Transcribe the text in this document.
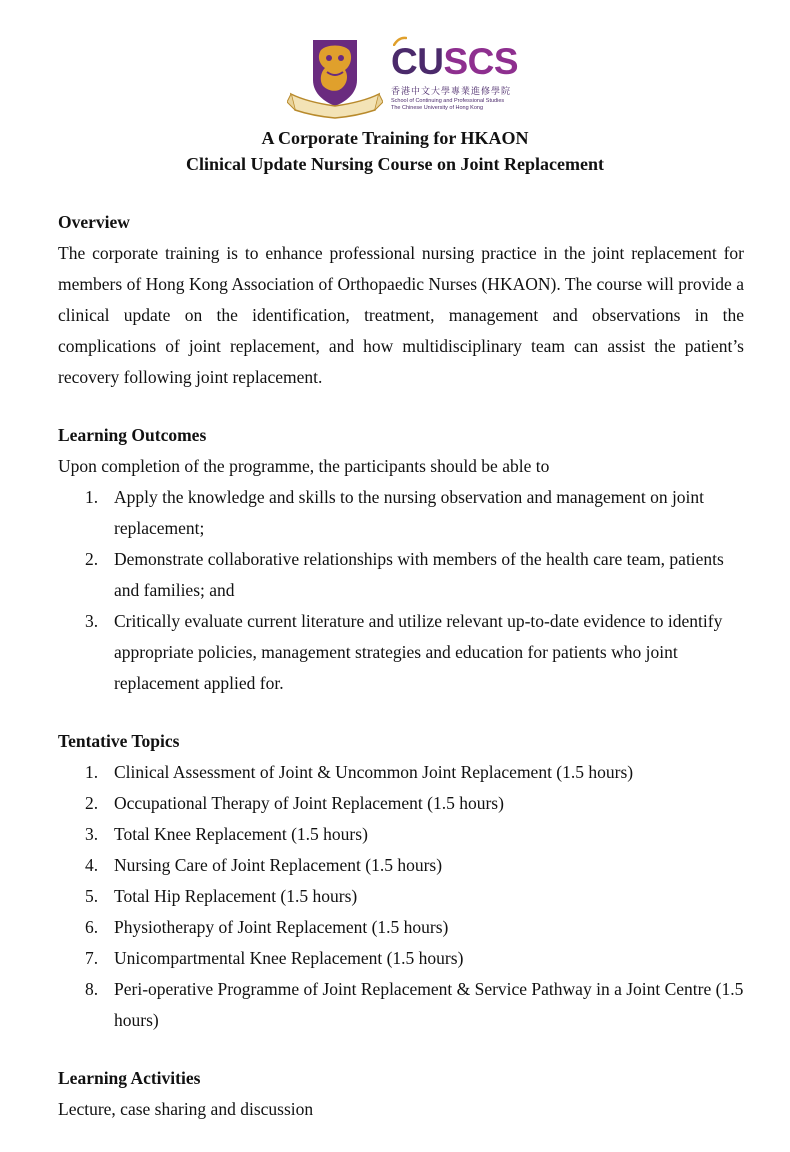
CUSCS
香港中文大學專業進修學院
School of Continuing and Professional Studies
The Chinese University of Hong Kong
A Corporate Training for HKAON
Clinical Update Nursing Course on Joint Replacement

Overview

The corporate training is to enhance professional nursing practice in the joint replacement for members of Hong Kong Association of Orthopaedic Nurses (HKAON). The course will provide a clinical update on the identification, treatment, management and observations in the complications of joint replacement, and how multidisciplinary team can assist the patient’s recovery following joint replacement.

Learning Outcomes

Upon completion of the programme, the participants should be able to

1. Apply the knowledge and skills to the nursing observation and management on joint replacement;
2. Demonstrate collaborative relationships with members of the health care team, patients and families; and
3. Critically evaluate current literature and utilize relevant up-to-date evidence to identify appropriate policies, management strategies and education for patients who joint replacement applied for.

Tentative Topics

1. Clinical Assessment of Joint & Uncommon Joint Replacement (1.5 hours)
2. Occupational Therapy of Joint Replacement (1.5 hours)
3. Total Knee Replacement (1.5 hours)
4. Nursing Care of Joint Replacement (1.5 hours)
5. Total Hip Replacement (1.5 hours)
6. Physiotherapy of Joint Replacement (1.5 hours)
7. Unicompartmental Knee Replacement (1.5 hours)
8. Peri-operative Programme of Joint Replacement & Service Pathway in a Joint Centre (1.5 hours)

Learning Activities

Lecture, case sharing and discussion
